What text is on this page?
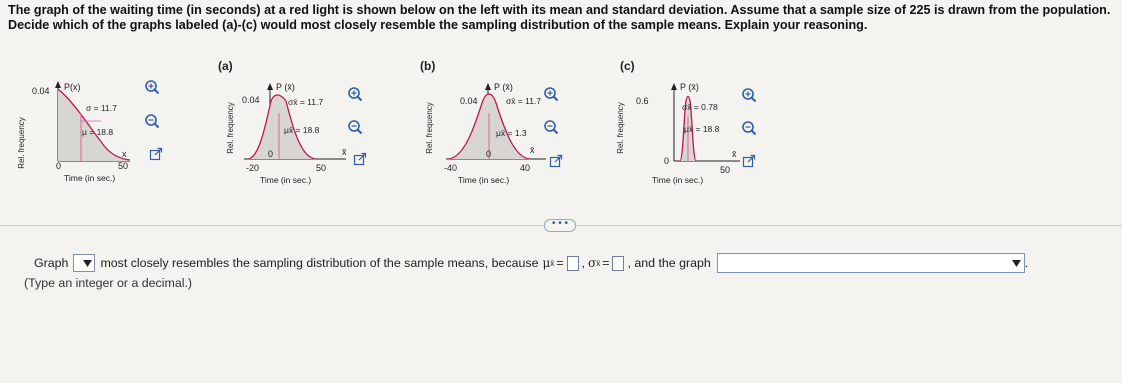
The graph of the waiting time (in seconds) at a red light is shown below on the left with its mean and standard deviation. Assume that a sample size of 225 is drawn from the population. Decide which of the graphs labeled (a)-(c) would most closely resemble the sampling distribution of the sample means. Explain your reasoning.
(a)	(b)	(c)
Rel. frequency
0.04 P(x)
σ = 11.7
μ = 18.8
x
0	50
Time (in sec.)
Rel. frequency
0.04
P (x̄)
σx̄ = 11.7
μx̄ = 18.8
x̄
-20
0
50
Time (in sec.)
Rel. frequency
0.04
P (x̄)
σx̄ = 11.7
μx̄ = 1.3
x̄
-40
0
40
Time (in sec.)
Rel. frequency
0.6
P (x̄)
σx̄ = 0.78
μx̄ = 18.8
x̄
0
50
Time (in sec.)
• • •
Graph	most closely resembles the sampling distribution of the sample means, because μ x̄ = , σ x̄ = , and the graph	.
(Type an integer or a decimal.)
